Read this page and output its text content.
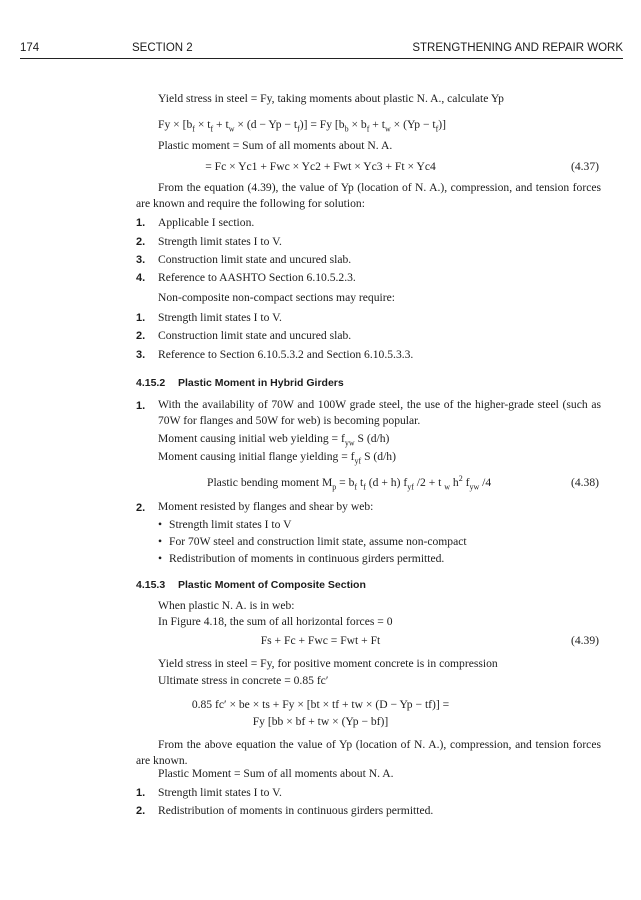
174	SECTION 2	STRENGTHENING AND REPAIR WORK
Yield stress in steel = Fy, taking moments about plastic N. A., calculate Yp
$Fy \times [b_f \times t_f + t_w \times (d - Yp - t_f)] = Fy$ $[b_b \times b_f + t_w \times (Yp - t_f)]$
Plastic moment = Sum of all moments about N. A.
= Fc × Yc1 + Fwc × Yc2 + Fwt × Yc3 + Ft × Yc4	(4.37)
From the equation (4.39), the value of Yp (location of N. A.), compression, and tension forces are known and require the following for solution:
1. Applicable I section.
2. Strength limit states I to V.
3. Construction limit state and uncured slab.
4. Reference to AASHTO Section 6.10.5.2.3.
Non-composite non-compact sections may require:
1. Strength limit states I to V.
2. Construction limit state and uncured slab.
3. Reference to Section 6.10.5.3.2 and Section 6.10.5.3.3.
4.15.2 Plastic Moment in Hybrid Girders
1. With the availability of 70W and 100W grade steel, the use of the higher-grade steel (such as 70W for flanges and 50W for web) is becoming popular.
Moment causing initial web yielding = $f_{yw}$ S (d/h)
Moment causing initial flange yielding = $f_{yf}$ S (d/h)
Plastic bending moment $M_p = b_f$ $t_f$ (d + h) $f_{yf}$ /2 + t $_w$ $h^2$ $f_{yw}$ /4	(4.38)
2. Moment resisted by flanges and shear by web:
• Strength limit states I to V
• For 70W steel and construction limit state, assume non-compact
• Redistribution of moments in continuous girders permitted.
4.15.3 Plastic Moment of Composite Section
When plastic N. A. is in web:
In Figure 4.18, the sum of all horizontal forces = 0
Fs + Fc + Fwc = Fwt + Ft	(4.39)
Yield stress in steel = Fy, for positive moment concrete is in compression
Ultimate stress in concrete = 0.85 fc′
0.85 fc′ × be × ts + Fy × [bt × tf + tw × (D − Yp − tf)] =
Fy [bb × bf + tw × (Yp − bf)]
From the above equation the value of Yp (location of N. A.), compression, and tension forces are known.
Plastic Moment = Sum of all moments about N. A.
1. Strength limit states I to V.
2. Redistribution of moments in continuous girders permitted.
